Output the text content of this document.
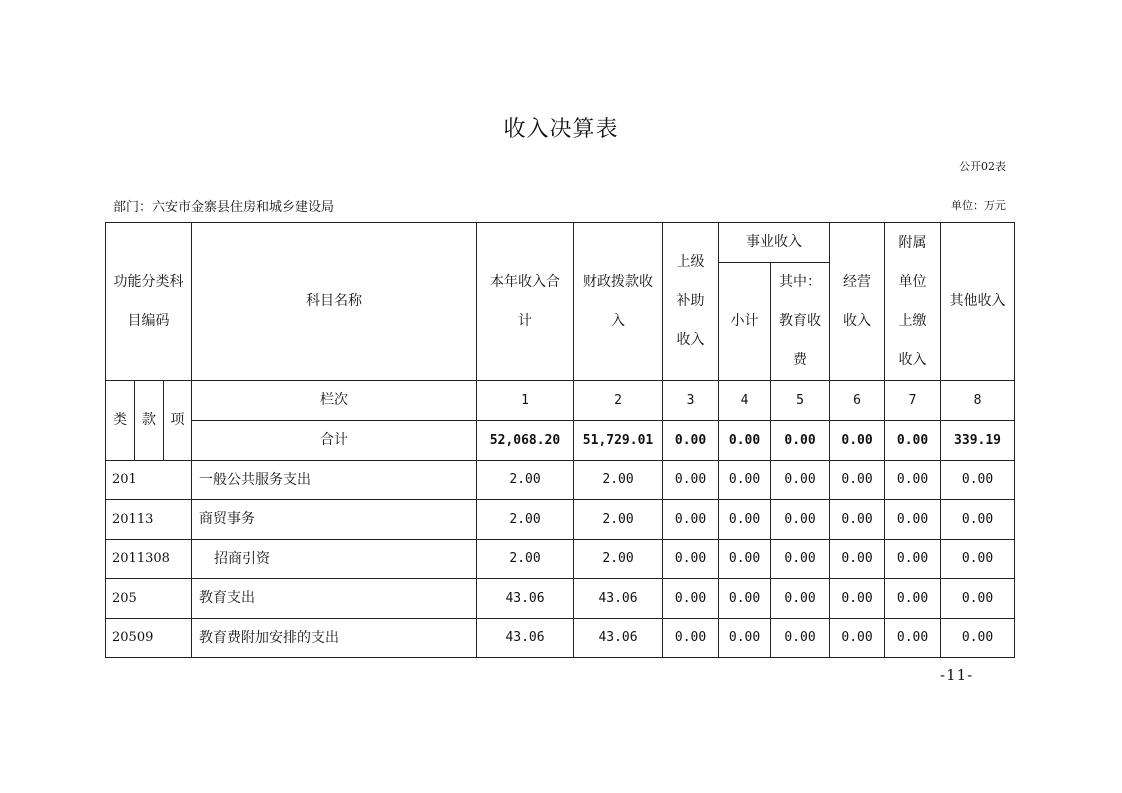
收入决算表
公开02表
部门：六安市金寨县住房和城乡建设局	单位：万元
功能分类科目编码			科目名称	本年收入合计	财政拨款收入	上级补助收入	事业收入		经营收入	附属单位上缴收入	其他收入
							小计	其中：教育收费			

类	款	项	栏次	1	2	3	4	5	6	7	8
			合计	52,068.20	51,729.01	0.00	0.00	0.00	0.00	0.00	339.19
201			一般公共服务支出	2.00	2.00	0.00	0.00	0.00	0.00	0.00	0.00
20113			商贸事务	2.00	2.00	0.00	0.00	0.00	0.00	0.00	0.00
2011308			招商引资	2.00	2.00	0.00	0.00	0.00	0.00	0.00	0.00
205			教育支出	43.06	43.06	0.00	0.00	0.00	0.00	0.00	0.00
20509			教育费附加安排的支出	43.06	43.06	0.00	0.00	0.00	0.00	0.00	0.00
-11-
